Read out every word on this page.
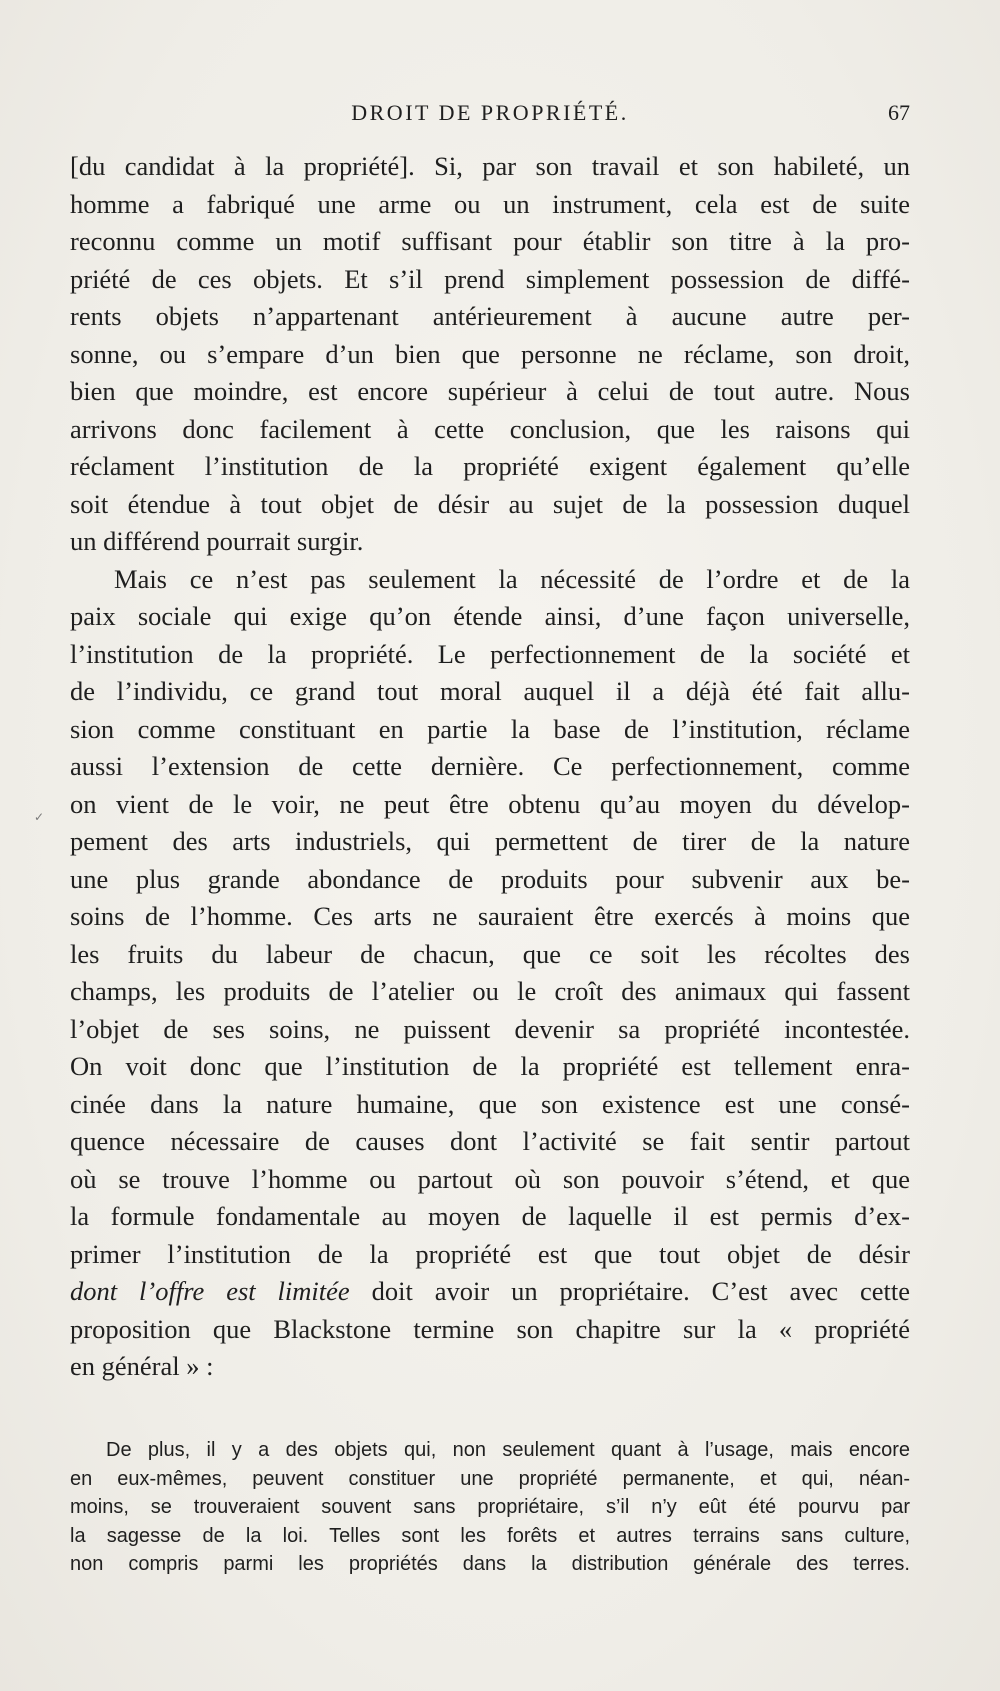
DROIT DE PROPRIÉTÉ.	67
[du candidat à la propriété]. Si, par son travail et son habileté, un
homme a fabriqué une arme ou un instrument, cela est de suite
reconnu comme un motif suffisant pour établir son titre à la pro-
priété de ces objets. Et s’il prend simplement possession de diffé-
rents objets n’appartenant antérieurement à aucune autre per-
sonne, ou s’empare d’un bien que personne ne réclame, son droit,
bien que moindre, est encore supérieur à celui de tout autre. Nous
arrivons donc facilement à cette conclusion, que les raisons qui
réclament l’institution de la propriété exigent également qu’elle
soit étendue à tout objet de désir au sujet de la possession duquel
un différend pourrait surgir.
Mais ce n’est pas seulement la nécessité de l’ordre et de la
paix sociale qui exige qu’on étende ainsi, d’une façon universelle,
l’institution de la propriété. Le perfectionnement de la société et
de l’individu, ce grand tout moral auquel il a déjà été fait allu-
sion comme constituant en partie la base de l’institution, réclame
aussi l’extension de cette dernière. Ce perfectionnement, comme
on vient de le voir, ne peut être obtenu qu’au moyen du dévelop-
pement des arts industriels, qui permettent de tirer de la nature
une plus grande abondance de produits pour subvenir aux be-
soins de l’homme. Ces arts ne sauraient être exercés à moins que
les fruits du labeur de chacun, que ce soit les récoltes des
champs, les produits de l’atelier ou le croît des animaux qui fassent
l’objet de ses soins, ne puissent devenir sa propriété incontestée.
On voit donc que l’institution de la propriété est tellement enra-
cinée dans la nature humaine, que son existence est une consé-
quence nécessaire de causes dont l’activité se fait sentir partout
où se trouve l’homme ou partout où son pouvoir s’étend, et que
la formule fondamentale au moyen de laquelle il est permis d’ex-
primer l’institution de la propriété est que tout objet de désir
dont l’offre est limitée doit avoir un propriétaire. C’est avec cette
proposition que Blackstone termine son chapitre sur la « propriété
en général » :
De plus, il y a des objets qui, non seulement quant à l’usage, mais encore
en eux-mêmes, peuvent constituer une propriété permanente, et qui, néan-
moins, se trouveraient souvent sans propriétaire, s’il n’y eût été pourvu par
la sagesse de la loi. Telles sont les forêts et autres terrains sans culture,
non compris parmi les propriétés dans la distribution générale des terres.
✓
